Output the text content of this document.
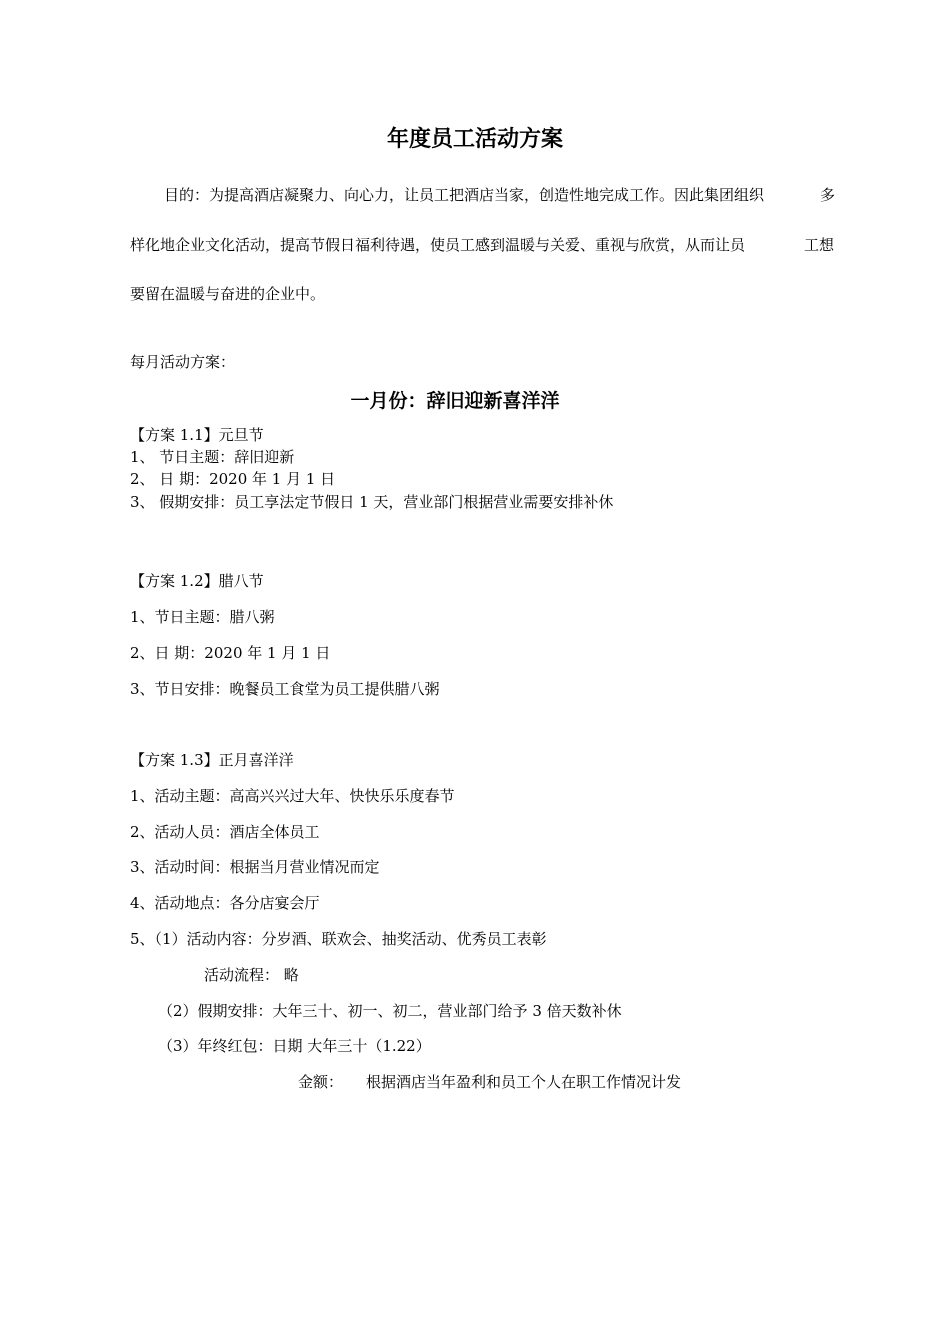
年度员工活动方案
目的：为提高酒店凝聚力、向心力，让员工把酒店当家，创造性地完成工作。因此集团组织	多
样化地企业文化活动，提高节假日福利待遇，使员工感到温暖与关爱、重视与欣赏，从而让员	工想
要留在温暖与奋进的企业中。
每月活动方案：
一月份：辞旧迎新喜洋洋
【方案 1.1】元旦节
1、 节日主题：辞旧迎新
2、 日 期：2020 年 1 月 1 日
3、 假期安排：员工享法定节假日 1 天，营业部门根据营业需要安排补休
【方案 1.2】腊八节
1、节日主题：腊八粥
2、日 期：2020 年 1 月 1 日
3、节日安排：晚餐员工食堂为员工提供腊八粥
【方案 1.3】正月喜洋洋
1、活动主题：高高兴兴过大年、快快乐乐度春节
2、活动人员：酒店全体员工
3、活动时间：根据当月营业情况而定
4、活动地点：各分店宴会厅
5、（1）活动内容：分岁酒、联欢会、抽奖活动、优秀员工表彰
活动流程： 略
（2）假期安排：大年三十、初一、初二，营业部门给予 3 倍天数补休
（3）年终红包：日期 大年三十（1.22）
金额： 根据酒店当年盈利和员工个人在职工作情况计发
